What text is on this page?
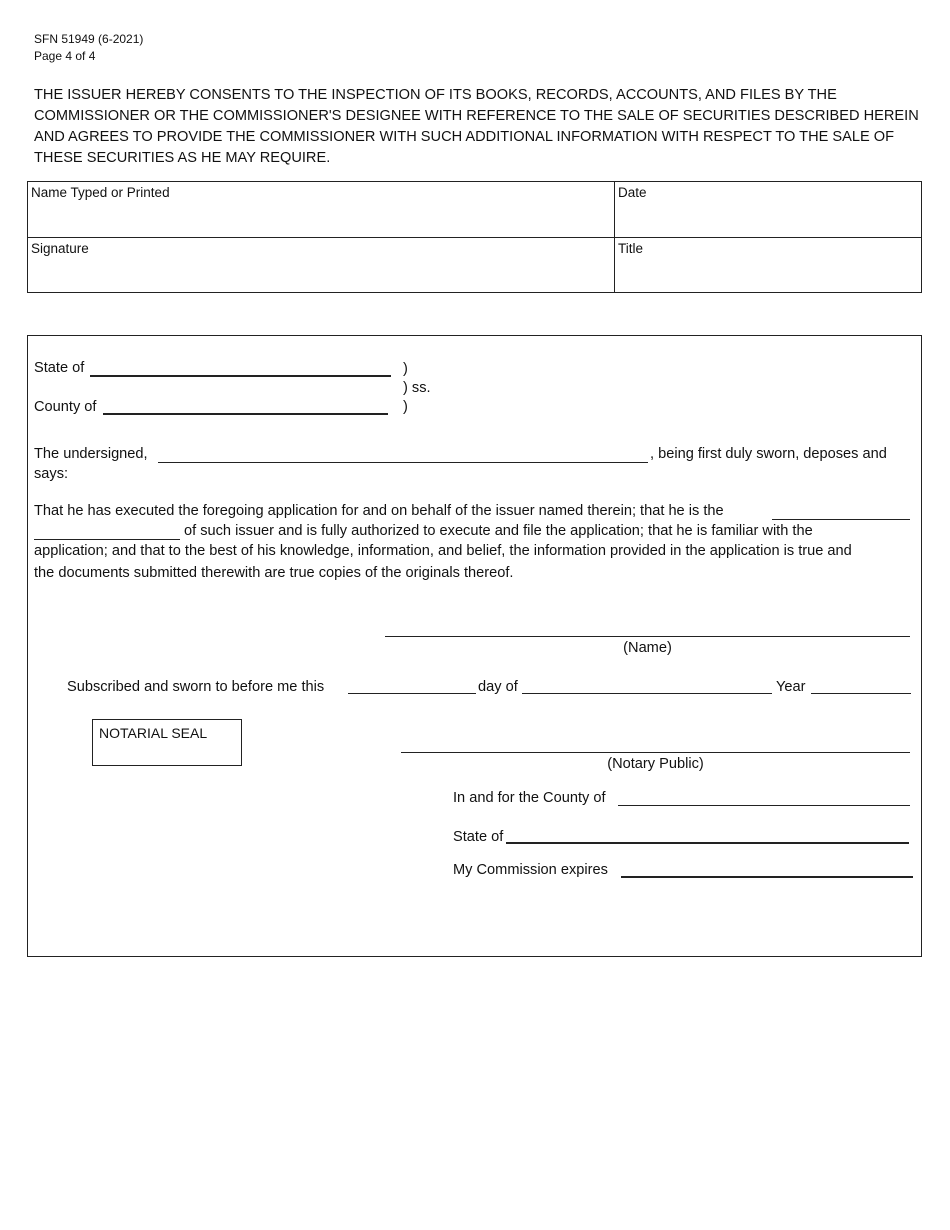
SFN 51949 (6-2021)
Page 4 of 4
THE ISSUER HEREBY CONSENTS TO THE INSPECTION OF ITS BOOKS, RECORDS, ACCOUNTS, AND FILES BY THE COMMISSIONER OR THE COMMISSIONER'S DESIGNEE WITH REFERENCE TO THE SALE OF SECURITIES DESCRIBED HEREIN AND AGREES TO PROVIDE THE COMMISSIONER WITH SUCH ADDITIONAL INFORMATION WITH RESPECT TO THE SALE OF THESE SECURITIES AS HE MAY REQUIRE.
Name Typed or Printed	Date
Signature	Title
State of
County of
)
) ss.
)
The undersigned,	, being first duly sworn, deposes and
says:
That he has executed the foregoing application for and on behalf of the issuer named therein; that he is the
of such issuer and is fully authorized to execute and file the application; that he is familiar with the
application; and that to the best of his knowledge, information, and belief, the information provided in the application is true and
the documents submitted therewith are true copies of the originals thereof.
(Name)
Subscribed and sworn to before me this	day of	Year
NOTARIAL SEAL
(Notary Public)
In and for the County of
State of
My Commission expires
